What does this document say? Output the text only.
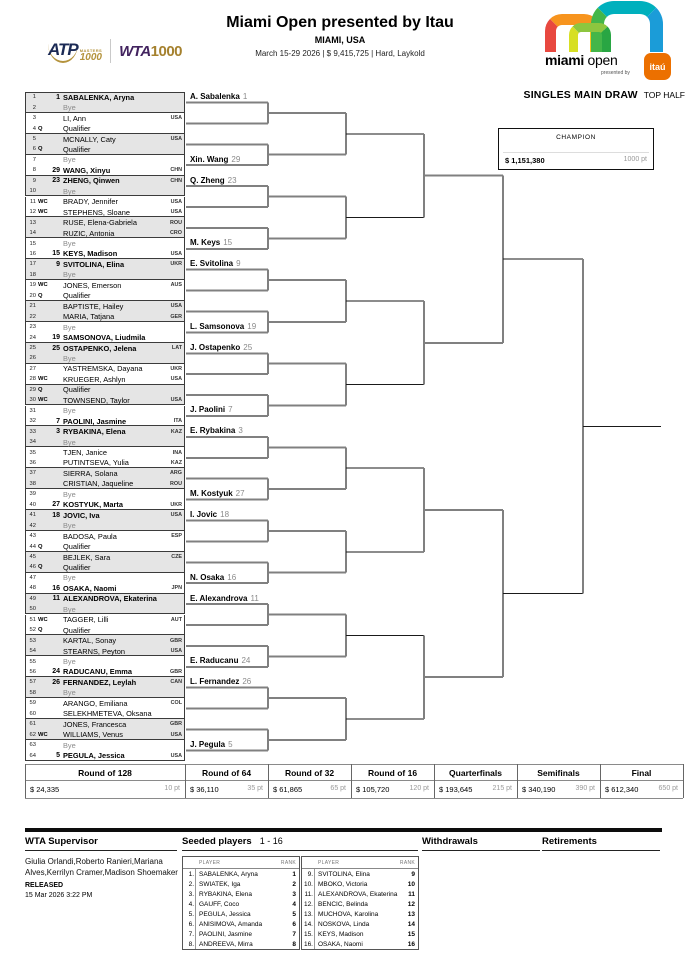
ATP MASTERS
1000 WTA 1000
Miami Open presented by Itau
MIAMI, USA
March 15-29 2026 | $ 9,415,725 | Hard, Laykold	miami open
presented by
itaú
SINGLES MAIN DRAW TOP HALF
CHAMPION
$ 1,151,380	1000 pt
1	1 SABALENKA, Aryna
2	Bye
3	LI, Ann	USA
4 Q	Qualifier
5	MCNALLY, Caty	USA
6 Q	Qualifier
7	Bye
8	29 WANG, Xinyu	CHN
9	23 ZHENG, Qinwen	CHN
10	Bye
11 WC	BRADY, Jennifer	USA
12 WC	STEPHENS, Sloane	USA
13	RUSE, Elena-Gabriela	ROU
14	RUZIC, Antonia	CRO
15	Bye
16	15 KEYS, Madison	USA
17	9 SVITOLINA, Elina	UKR
18	Bye
19 WC	JONES, Emerson	AUS
20 Q	Qualifier
21	BAPTISTE, Hailey	USA
22	MARIA, Tatjana	GER
23	Bye
24	19 SAMSONOVA, Liudmila
25	25 OSTAPENKO, Jelena	LAT
26	Bye
27	YASTREMSKA, Dayana	UKR
28 WC	KRUEGER, Ashlyn	USA
29 Q	Qualifier
30 WC	TOWNSEND, Taylor	USA
31	Bye
32	7 PAOLINI, Jasmine	ITA
33	3 RYBAKINA, Elena	KAZ
34	Bye
35	TJEN, Janice	INA
36	PUTINTSEVA, Yulia	KAZ
37	SIERRA, Solana	ARG
38	CRISTIAN, Jaqueline	ROU
39	Bye
40	27 KOSTYUK, Marta	UKR
41	18 JOVIC, Iva	USA
42	Bye
43	BADOSA, Paula	ESP
44 Q	Qualifier
45	BEJLEK, Sara	CZE
46 Q	Qualifier
47	Bye
48	16 OSAKA, Naomi	JPN
49	11 ALEXANDROVA, Ekaterina
50	Bye
51 WC	TAGGER, Lilli	AUT
52 Q	Qualifier
53	KARTAL, Sonay	GBR
54	STEARNS, Peyton	USA
55	Bye
56	24 RADUCANU, Emma	GBR
57	26 FERNANDEZ, Leylah	CAN
58	Bye
59	ARANGO, Emiliana	COL
60	SELEKHMETEVA, Oksana
61	JONES, Francesca	GBR
62 WC	WILLIAMS, Venus	USA
63	Bye
64	5 PEGULA, Jessica	USA
A. Sabalenka 1
Xin. Wang 29
Q. Zheng 23
M. Keys 15
E. Svitolina 9
L. Samsonova 19
J. Ostapenko 25
J. Paolini 7
E. Rybakina 3
M. Kostyuk 27
I. Jovic 18
N. Osaka 16
E. Alexandrova 11
E. Raducanu 24
L. Fernandez 26
J. Pegula 5
Round of 128
$ 24,335	10 pt
Round of 64
$ 36,110	35 pt
Round of 32
$ 61,865	65 pt
Round of 16
$ 105,720	120 pt
Quarterfinals
$ 193,645	215 pt
Semifinals
$ 340,190	390 pt
Final
$ 612,340	650 pt
WTA Supervisor
Giulia Orlandi,Roberto Ranieri,Mariana Alves,Kerrilyn Cramer,Madison Shoemaker
RELEASED
15 Mar 2026 3:22 PM
Seeded players 1 - 16
PLAYER	RANK
1. SABALENKA, Aryna	1
2. SWIATEK, Iga	2
3. RYBAKINA, Elena	3
4. GAUFF, Coco	4
5. PEGULA, Jessica	5
6. ANISIMOVA, Amanda	6
7. PAOLINI, Jasmine	7
8. ANDREEVA, Mirra	8
PLAYER	RANK
9. SVITOLINA, Elina	9
10. MBOKO, Victoria	10
11. ALEXANDROVA, Ekaterina	11
12. BENCIC, Belinda	12
13. MUCHOVA, Karolina	13
14. NOSKOVA, Linda	14
15. KEYS, Madison	15
16. OSAKA, Naomi	16
Withdrawals	Retirements
